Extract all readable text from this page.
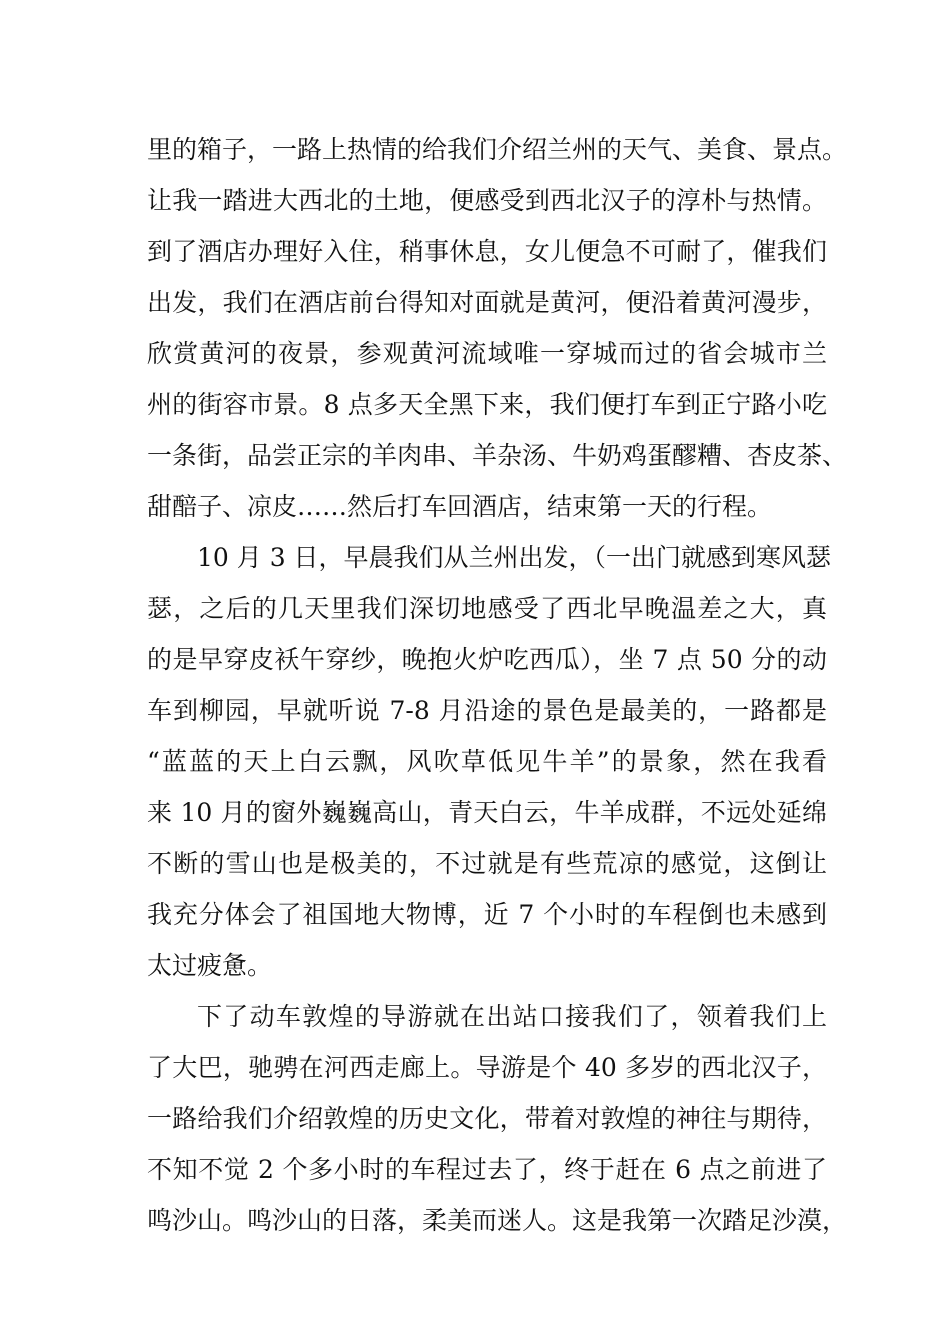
里的箱子，一路上热情的给我们介绍兰州的天气、美食、景点。
让我一踏进大西北的土地，便感受到西北汉子的淳朴与热情。
到了酒店办理好入住，稍事休息，女儿便急不可耐了，催我们
出发，我们在酒店前台得知对面就是黄河，便沿着黄河漫步，
欣赏黄河的夜景，参观黄河流域唯一穿城而过的省会城市兰
州的街容市景。8 点多天全黑下来，我们便打车到正宁路小吃
一条街，品尝正宗的羊肉串、羊杂汤、牛奶鸡蛋醪糟、杏皮茶、
甜醅子、凉皮……然后打车回酒店，结束第一天的行程。
10 月 3 日，早晨我们从兰州出发，（一出门就感到寒风瑟
瑟，之后的几天里我们深切地感受了西北早晚温差之大，真
的是早穿皮袄午穿纱，晚抱火炉吃西瓜），坐 7 点 50 分的动
车到柳园，早就听说 7-8 月沿途的景色是最美的，一路都是
“蓝蓝的天上白云飘，风吹草低见牛羊”的景象，然在我看
来 10 月的窗外巍巍高山，青天白云，牛羊成群，不远处延绵
不断的雪山也是极美的，不过就是有些荒凉的感觉，这倒让
我充分体会了祖国地大物博，近 7 个小时的车程倒也未感到
太过疲惫。
下了动车敦煌的导游就在出站口接我们了，领着我们上
了大巴，驰骋在河西走廊上。导游是个 40 多岁的西北汉子，
一路给我们介绍敦煌的历史文化，带着对敦煌的神往与期待，
不知不觉 2 个多小时的车程过去了，终于赶在 6 点之前进了
鸣沙山。鸣沙山的日落，柔美而迷人。这是我第一次踏足沙漠，
